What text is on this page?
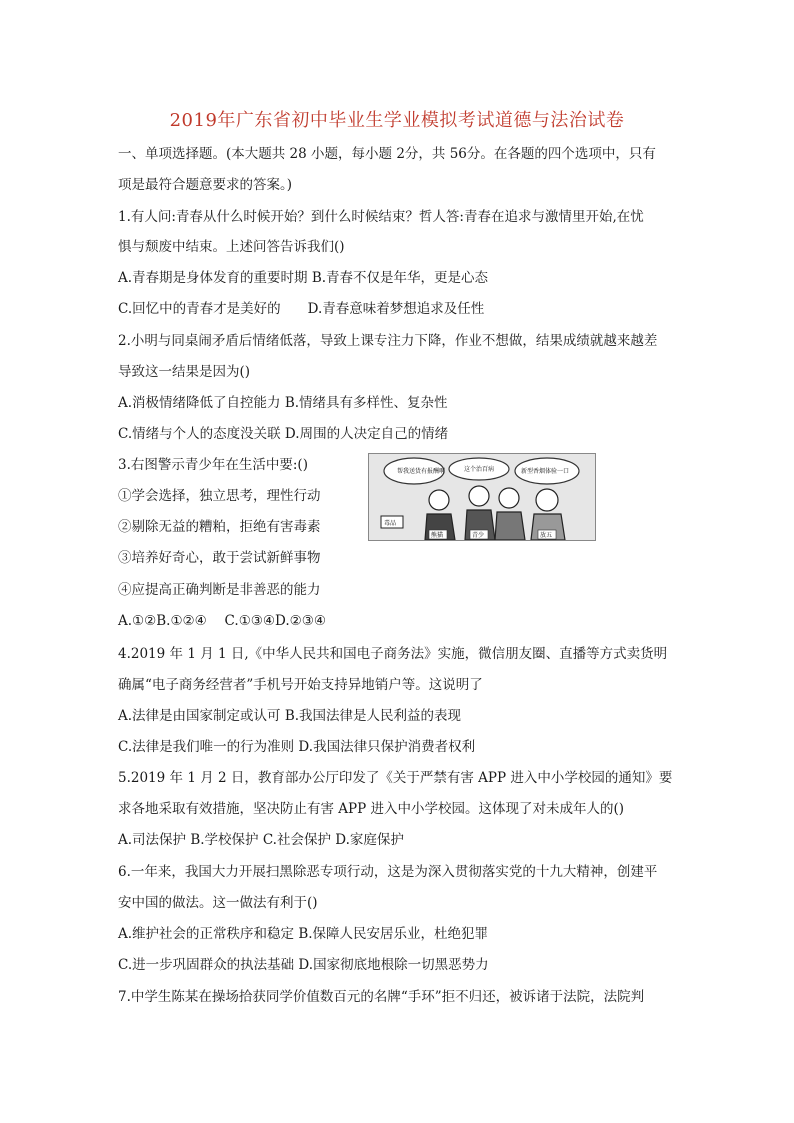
2019年广东省初中毕业生学业模拟考试道德与法治试卷
一、单项选择题。(本大题共 28 小题，每小题 2分，共 56分。在各题的四个选项中，只有
项是最符合题意要求的答案。)
1.有人问:青春从什么时候开始？到什么时候结束？哲人答:青春在追求与激情里开始,在忧
惧与颓废中结束。上述问答告诉我们()
A.青春期是身体发育的重要时期 B.青春不仅是年华，更是心态
C.回忆中的青春才是美好的　　D.青春意味着梦想追求及任性
2.小明与同桌闹矛盾后情绪低落，导致上课专注力下降，作业不想做，结果成绩就越来越差
导致这一结果是因为()
A.消极情绪降低了自控能力 B.情绪具有多样性、复杂性
C.情绪与个人的态度没关联 D.周围的人决定自己的情绪
3.右图警示青少年在生活中要:()
①学会选择，独立思考，理性行动
②剔除无益的糟粕，拒绝有害毒素
③培养好奇心，敢于尝试新鲜事物
④应提高正确判断是非善恶的能力
A.①②B.①②④　 C.①③④D.②③④
帮我送货有报酬啊	这个治百病	新型香烟体验一口
毒品
熊猫	青少	放五
4.2019 年 1 月 1 日,《中华人民共和国电子商务法》实施，微信朋友圈、直播等方式卖货明
确属“电子商务经营者”手机号开始支持异地销户等。这说明了
A.法律是由国家制定或认可 B.我国法律是人民利益的表现
C.法律是我们唯一的行为准则 D.我国法律只保护消费者权利
5.2019 年 1 月 2 日，教育部办公厅印发了《关于严禁有害 APP 进入中小学校园的通知》要
求各地采取有效措施，坚决防止有害 APP 进入中小学校园。这体现了对未成年人的()
A.司法保护 B.学校保护 C.社会保护 D.家庭保护
6.一年来，我国大力开展扫黑除恶专项行动，这是为深入贯彻落实党的十九大精神，创建平
安中国的做法。这一做法有利于()
A.维护社会的正常秩序和稳定 B.保障人民安居乐业，杜绝犯罪
C.进一步巩固群众的执法基础 D.国家彻底地根除一切黑恶势力
7.中学生陈某在操场拾获同学价值数百元的名牌“手环”拒不归还，被诉诸于法院，法院判
